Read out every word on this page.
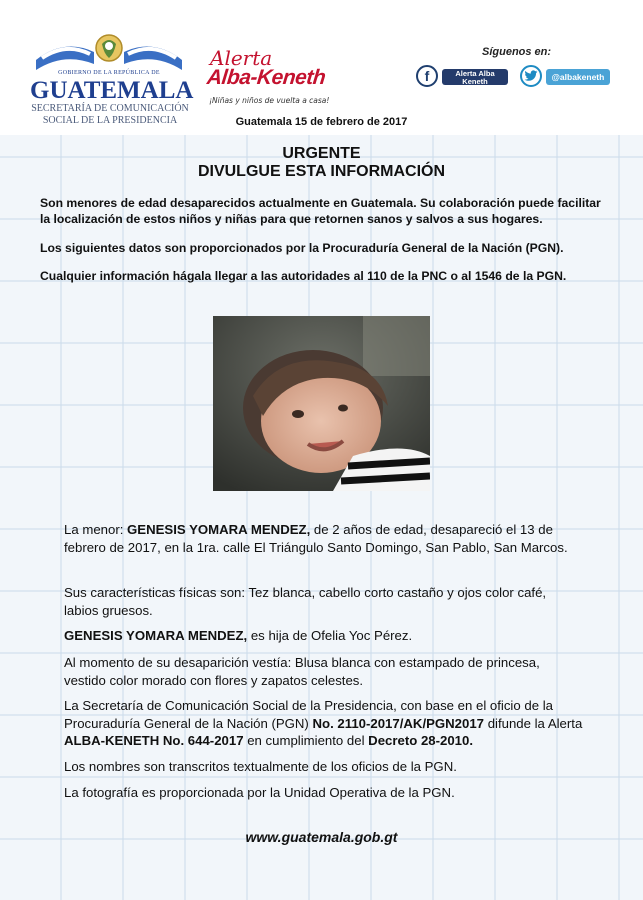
GOBIERNO DE LA REPÚBLICA DE
GUATEMALA
SECRETARÍA DE COMUNICACIÓN
SOCIAL DE LA PRESIDENCIA
Alerta
Alba-Keneth
¡Niñas y niños de vuelta a casa!
Síguenos en:
f	Alerta Alba
Keneth	@albakeneth
Guatemala 15 de febrero de 2017
URGENTE
DIVULGUE ESTA INFORMACIÓN
Son menores de edad desaparecidos actualmente en Guatemala. Su colaboración puede facilitar la localización de estos niños y niñas para que retornen sanos y salvos a sus hogares.
Los siguientes datos son proporcionados por la Procuraduría General de la Nación (PGN).
Cualquier información hágala llegar a las autoridades al 110 de la PNC o al 1546 de la PGN.
La menor: GENESIS YOMARA MENDEZ, de 2 años de edad, desapareció el 13 de febrero de 2017, en la 1ra. calle El Triángulo Santo Domingo, San Pablo, San Marcos.
Sus características físicas son: Tez blanca, cabello corto castaño y ojos color café, labios gruesos.
GENESIS YOMARA MENDEZ, es hija de Ofelia Yoc Pérez.
Al momento de su desaparición vestía: Blusa blanca con estampado de princesa, vestido color morado con flores y zapatos celestes.
La Secretaría de Comunicación Social de la Presidencia, con base en el oficio de la Procuraduría General de la Nación (PGN) No. 2110-2017/AK/PGN2017 difunde la Alerta ALBA-KENETH No. 644-2017 en cumplimiento del Decreto 28-2010.
Los nombres son transcritos textualmente de los oficios de la PGN.
La fotografía es proporcionada por la Unidad Operativa de la PGN.
www.guatemala.gob.gt
